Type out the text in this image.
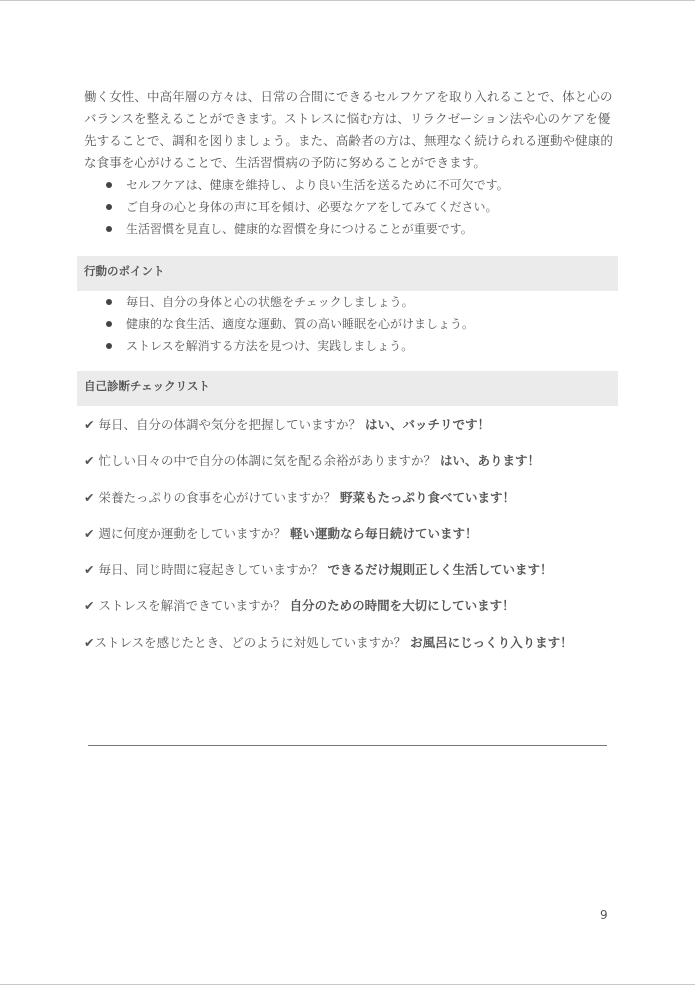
働く女性、中高年層の方々は、日常の合間にできるセルフケアを取り入れることで、体と心のバランスを整えることができます。ストレスに悩む方は、リラクゼーション法や心のケアを優先することで、調和を図りましょう。また、高齢者の方は、無理なく続けられる運動や健康的な食事を心がけることで、生活習慣病の予防に努めることができます。

セルフケアは、健康を維持し、より良い生活を送るために不可欠です。
ご自身の心と身体の声に耳を傾け、必要なケアをしてみてください。
生活習慣を見直し、健康的な習慣を身につけることが重要です。
行動のポイント
毎日、自分の身体と心の状態をチェックしましょう。
健康的な食生活、適度な運動、質の高い睡眠を心がけましょう。
ストレスを解消する方法を見つけ、実践しましょう。
自己診断チェックリスト
✔ 毎日、自分の体調や気分を把握していますか？ はい、バッチリです！
✔ 忙しい日々の中で自分の体調に気を配る余裕がありますか？ はい、あります！
✔ 栄養たっぷりの食事を心がけていますか？ 野菜もたっぷり食べています！
✔ 週に何度か運動をしていますか？ 軽い運動なら毎日続けています！
✔ 毎日、同じ時間に寝起きしていますか？ できるだけ規則正しく生活しています！
✔ ストレスを解消できていますか？ 自分のための時間を大切にしています！
✔ストレスを感じたとき、どのように対処していますか？ お風呂にじっくり入ります！
9
